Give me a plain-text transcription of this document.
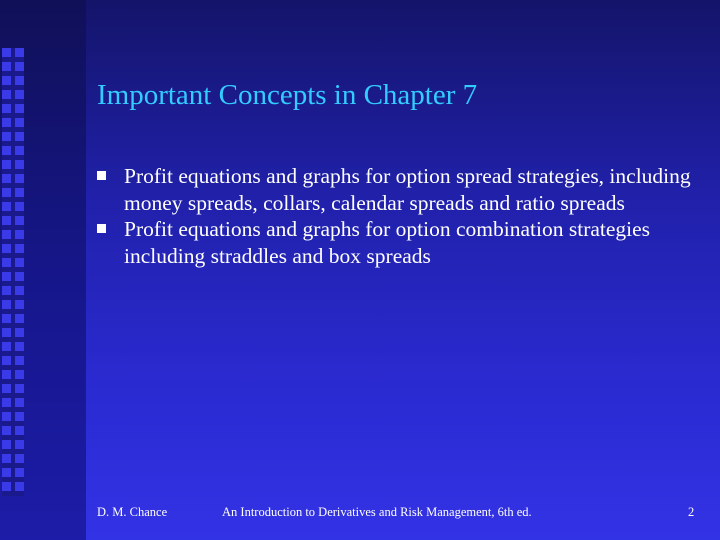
Important Concepts in Chapter 7
Profit equations and graphs for option spread strategies, including money spreads, collars, calendar spreads and ratio spreads
Profit equations and graphs for option combination strategies including straddles and box spreads
D. M. Chance	An Introduction to Derivatives and Risk Management, 6th ed.	2
